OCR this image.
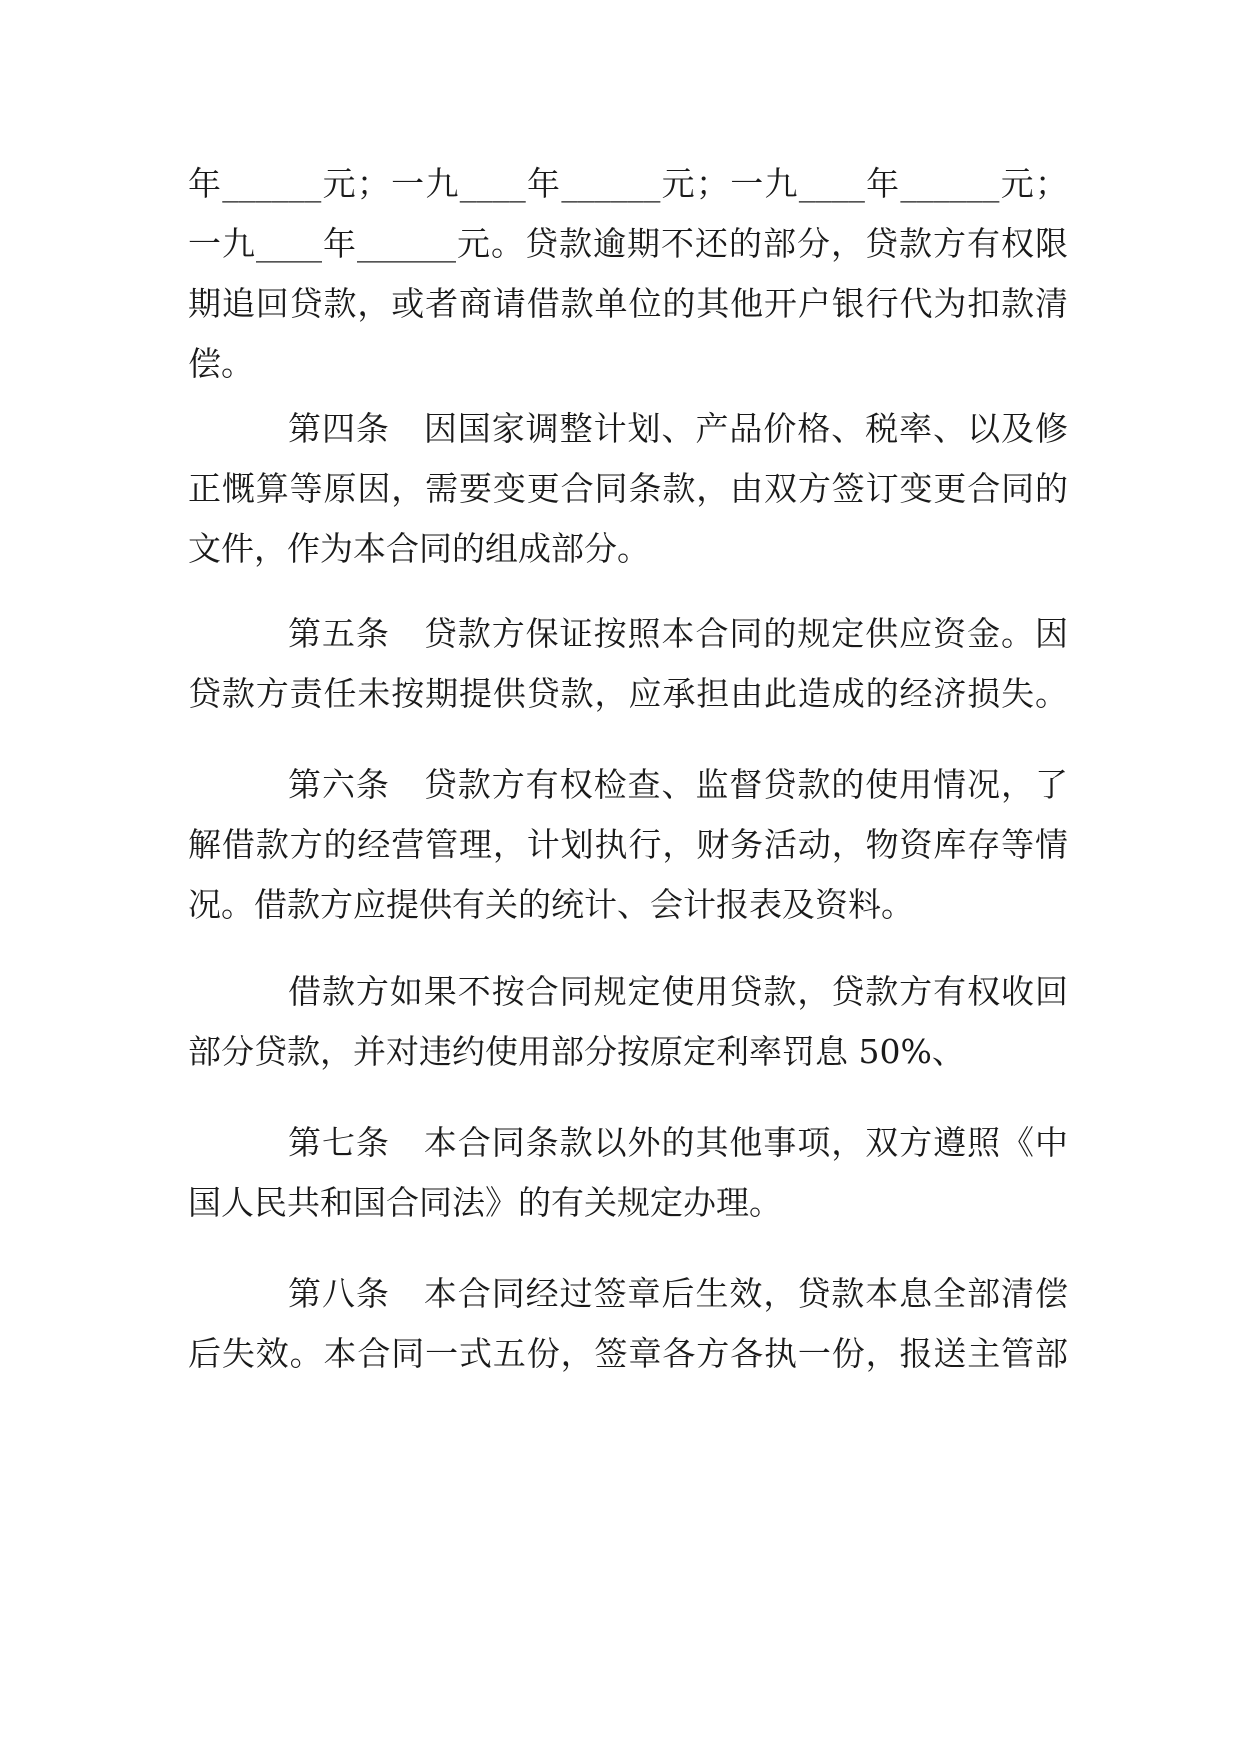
年______元；一九____年______元；一九____年______元；
一九____年______元。贷款逾期不还的部分，贷款方有权限
期追回贷款，或者商请借款单位的其他开户银行代为扣款清
偿。
第四条　因国家调整计划、产品价格、税率、以及修
正慨算等原因，需要变更合同条款，由双方签订变更合同的
文件，作为本合同的组成部分。
第五条　贷款方保证按照本合同的规定供应资金。因
贷款方责任未按期提供贷款，应承担由此造成的经济损失。
第六条　贷款方有权检查、监督贷款的使用情况，了
解借款方的经营管理，计划执行，财务活动，物资库存等情
况。借款方应提供有关的统计、会计报表及资料。
借款方如果不按合同规定使用贷款，贷款方有权收回
部分贷款，并对违约使用部分按原定利率罚息 50%、
第七条　本合同条款以外的其他事项，双方遵照《中
国人民共和国合同法》的有关规定办理。
第八条　本合同经过签章后生效，贷款本息全部清偿
后失效。本合同一式五份，签章各方各执一份，报送主管部
